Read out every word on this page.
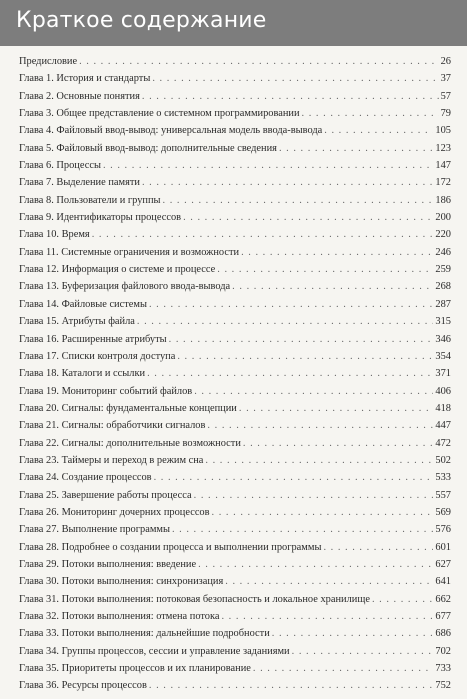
Краткое содержание
Предисловие . . .	26
Глава 1. История и стандарты . . .	37
Глава 2. Основные понятия . . .	57
Глава 3. Общее представление о системном программировании . . .	79
Глава 4. Файловый ввод-вывод: универсальная модель ввода-вывода . . .	105
Глава 5. Файловый ввод-вывод: дополнительные сведения . . .	123
Глава 6. Процессы . . .	147
Глава 7. Выделение памяти . . .	172
Глава 8. Пользователи и группы . . .	186
Глава 9. Идентификаторы процессов . . .	200
Глава 10. Время . . .	220
Глава 11. Системные ограничения и возможности . . .	246
Глава 12. Информация о системе и процессе . . .	259
Глава 13. Буферизация файлового ввода-вывода . . .	268
Глава 14. Файловые системы . . .	287
Глава 15. Атрибуты файла . . .	315
Глава 16. Расширенные атрибуты . . .	346
Глава 17. Списки контроля доступа . . .	354
Глава 18. Каталоги и ссылки . . .	371
Глава 19. Мониторинг событий файлов . . .	406
Глава 20. Сигналы: фундаментальные концепции . . .	418
Глава 21. Сигналы: обработчики сигналов . . .	447
Глава 22. Сигналы: дополнительные возможности . . .	472
Глава 23. Таймеры и переход в режим сна . . .	502
Глава 24. Создание процессов . . .	533
Глава 25. Завершение работы процесса . . .	557
Глава 26. Мониторинг дочерних процессов . . .	569
Глава 27. Выполнение программы . . .	576
Глава 28. Подробнее о создании процесса и выполнении программы . . .	601
Глава 29. Потоки выполнения: введение . . .	627
Глава 30. Потоки выполнения: синхронизация . . .	641
Глава 31. Потоки выполнения: потоковая безопасность и локальное хранилище . . .	662
Глава 32. Потоки выполнения: отмена потока . . .	677
Глава 33. Потоки выполнения: дальнейшие подробности . . .	686
Глава 34. Группы процессов, сессии и управление заданиями . . .	702
Глава 35. Приоритеты процессов и их планирование . . .	733
Глава 36. Ресурсы процессов . . .	752
